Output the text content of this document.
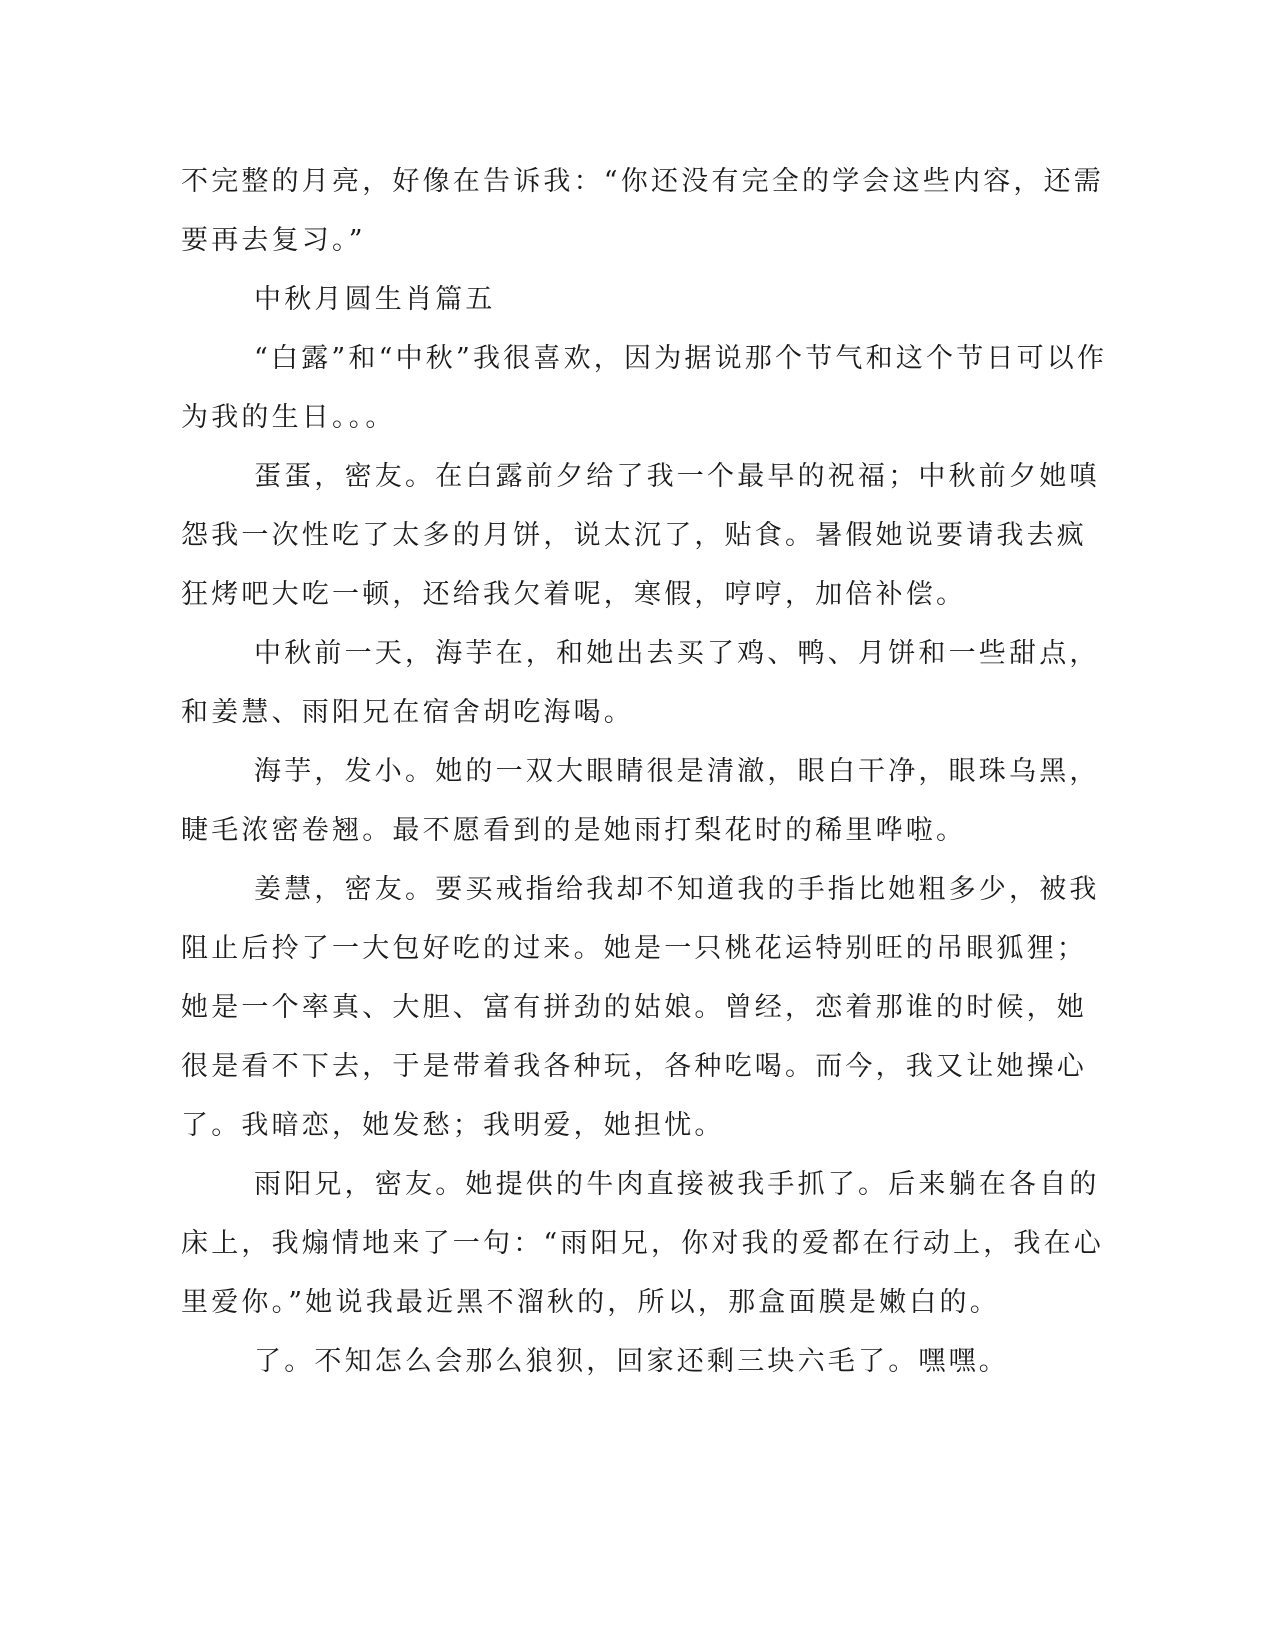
不完整的月亮，好像在告诉我：“你还没有完全的学会这些内容，还需
要再去复习。”
中秋月圆生肖篇五
“白露”和“中秋”我很喜欢，因为据说那个节气和这个节日可以作
为我的生日。。。
蛋蛋，密友。在白露前夕给了我一个最早的祝福；中秋前夕她嗔
怨我一次性吃了太多的月饼，说太沉了，贴食。暑假她说要请我去疯
狂烤吧大吃一顿，还给我欠着呢，寒假，哼哼，加倍补偿。
中秋前一天，海芋在，和她出去买了鸡、鸭、月饼和一些甜点，
和姜慧、雨阳兄在宿舍胡吃海喝。
海芋，发小。她的一双大眼睛很是清澈，眼白干净，眼珠乌黑，
睫毛浓密卷翘。最不愿看到的是她雨打梨花时的稀里哗啦。
姜慧，密友。要买戒指给我却不知道我的手指比她粗多少，被我
阻止后拎了一大包好吃的过来。她是一只桃花运特别旺的吊眼狐狸；
她是一个率真、大胆、富有拼劲的姑娘。曾经，恋着那谁的时候，她
很是看不下去，于是带着我各种玩，各种吃喝。而今，我又让她操心
了。我暗恋，她发愁；我明爱，她担忧。
雨阳兄，密友。她提供的牛肉直接被我手抓了。后来躺在各自的
床上，我煽情地来了一句：“雨阳兄，你对我的爱都在行动上，我在心
里爱你。”她说我最近黑不溜秋的，所以，那盒面膜是嫩白的。
了。不知怎么会那么狼狈，回家还剩三块六毛了。嘿嘿。
